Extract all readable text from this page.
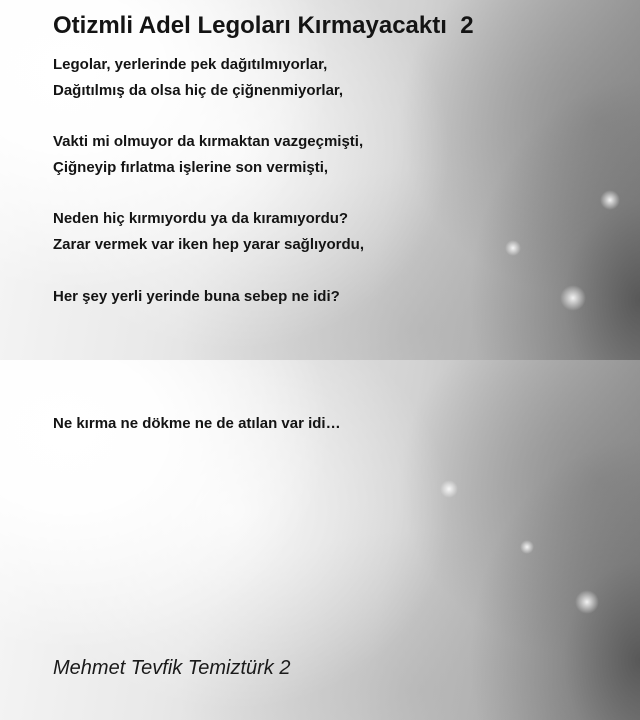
Otizmli Adel Legoları Kırmayacaktı  2
Legolar, yerlerinde pek dağıtılmıyorlar,
Dağıtılmış da olsa hiç de çiğnenmiyorlar,
Vakti mi olmuyor da kırmaktan vazgeçmişti,
Çiğneyip fırlatma işlerine son vermişti,
Neden hiç kırmıyordu ya da kıramıyordu?
Zarar vermek var iken hep yarar sağlıyordu,
Her şey yerli yerinde buna sebep ne idi?
Ne kırma ne dökme ne de atılan var idi…
Mehmet Tevfik Temiztürk 2
